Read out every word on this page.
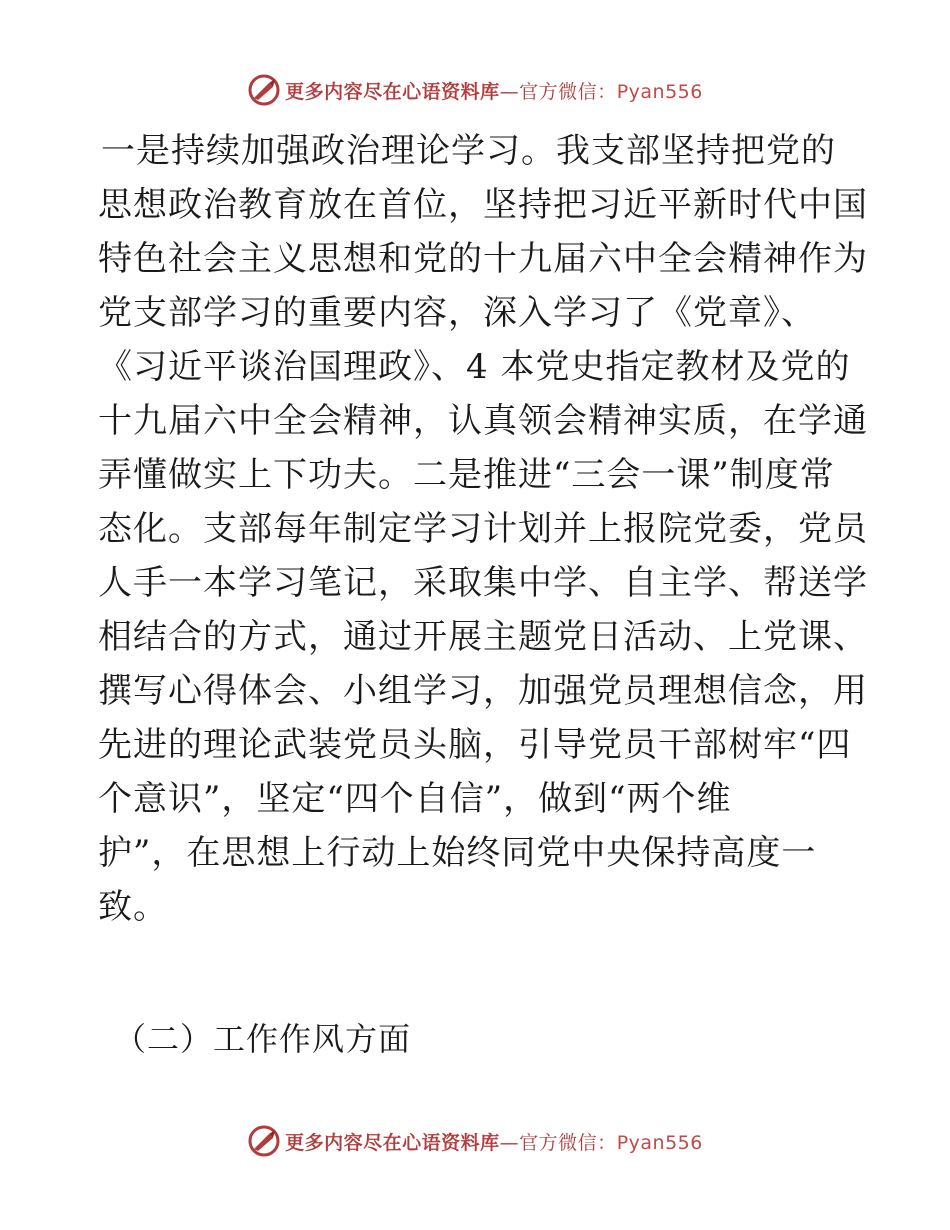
更多内容尽在心语资料库—官方微信：Pyan556
一是持续加强政治理论学习。我支部坚持把党的
思想政治教育放在首位，坚持把习近平新时代中国
特色社会主义思想和党的十九届六中全会精神作为
党支部学习的重要内容，深入学习了《党章》、
《习近平谈治国理政》、4 本党史指定教材及党的
十九届六中全会精神，认真领会精神实质，在学通
弄懂做实上下功夫。二是推进“三会一课”制度常
态化。支部每年制定学习计划并上报院党委，党员
人手一本学习笔记，采取集中学、自主学、帮送学
相结合的方式，通过开展主题党日活动、上党课、
撰写心得体会、小组学习，加强党员理想信念，用
先进的理论武装党员头脑，引导党员干部树牢“四
个意识”，坚定“四个自信”，做到“两个维
护”，在思想上行动上始终同党中央保持高度一
致。
（二）工作作风方面
更多内容尽在心语资料库—官方微信：Pyan556
